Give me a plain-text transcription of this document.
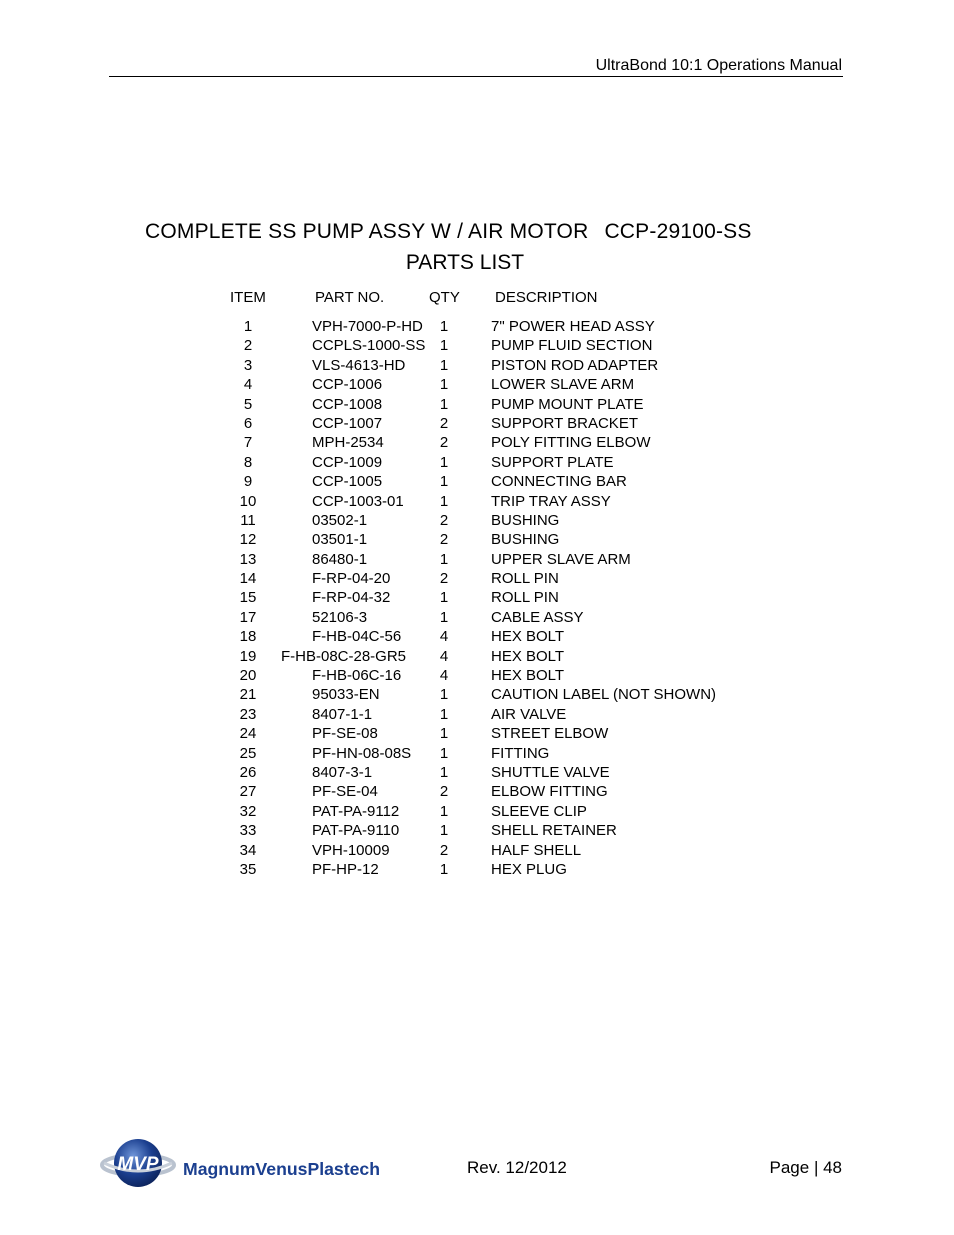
UltraBond 10:1 Operations Manual
COMPLETE SS PUMP ASSY W / AIR MOTOR CCP-29100-SS
PARTS LIST
ITEM	PART NO.	QTY DESCRIPTION
1	VPH-7000-P-HD	1	7" POWER HEAD ASSY
2	CCPLS-1000-SS 1	PUMP FLUID SECTION
3	VLS-4613-HD	1	PISTON ROD ADAPTER
4	CCP-1006	1	LOWER SLAVE ARM
5	CCP-1008	1	PUMP MOUNT PLATE
6	CCP-1007	2	SUPPORT BRACKET
7	MPH-2534	2	POLY FITTING ELBOW
8	CCP-1009	1	SUPPORT PLATE
9	CCP-1005	1	CONNECTING BAR
10	CCP-1003-01	1	TRIP TRAY ASSY
11	03502-1	2	BUSHING
12	03501-1	2	BUSHING
13	86480-1	1	UPPER SLAVE ARM
14	F-RP-04-20	2	ROLL PIN
15	F-RP-04-32	1	ROLL PIN
17	52106-3	1	CABLE ASSY
18	F-HB-04C-56	4	HEX BOLT
19	F-HB-08C-28-GR5	4	HEX BOLT
20	F-HB-06C-16	4	HEX BOLT
21	95033-EN	1	CAUTION LABEL (NOT SHOWN)
23	8407-1-1	1	AIR VALVE
24	PF-SE-08	1	STREET ELBOW
25	PF-HN-08-08S	1	FITTING
26	8407-3-1	1	SHUTTLE VALVE
27	PF-SE-04	2	ELBOW FITTING
32	PAT-PA-9112	1	SLEEVE CLIP
33	PAT-PA-9110	1	SHELL RETAINER
34	VPH-10009	2	HALF SHELL
35	PF-HP-12	1	HEX PLUG
MVP MagnumVenusPlastech	Rev. 12/2012	Page | 48
